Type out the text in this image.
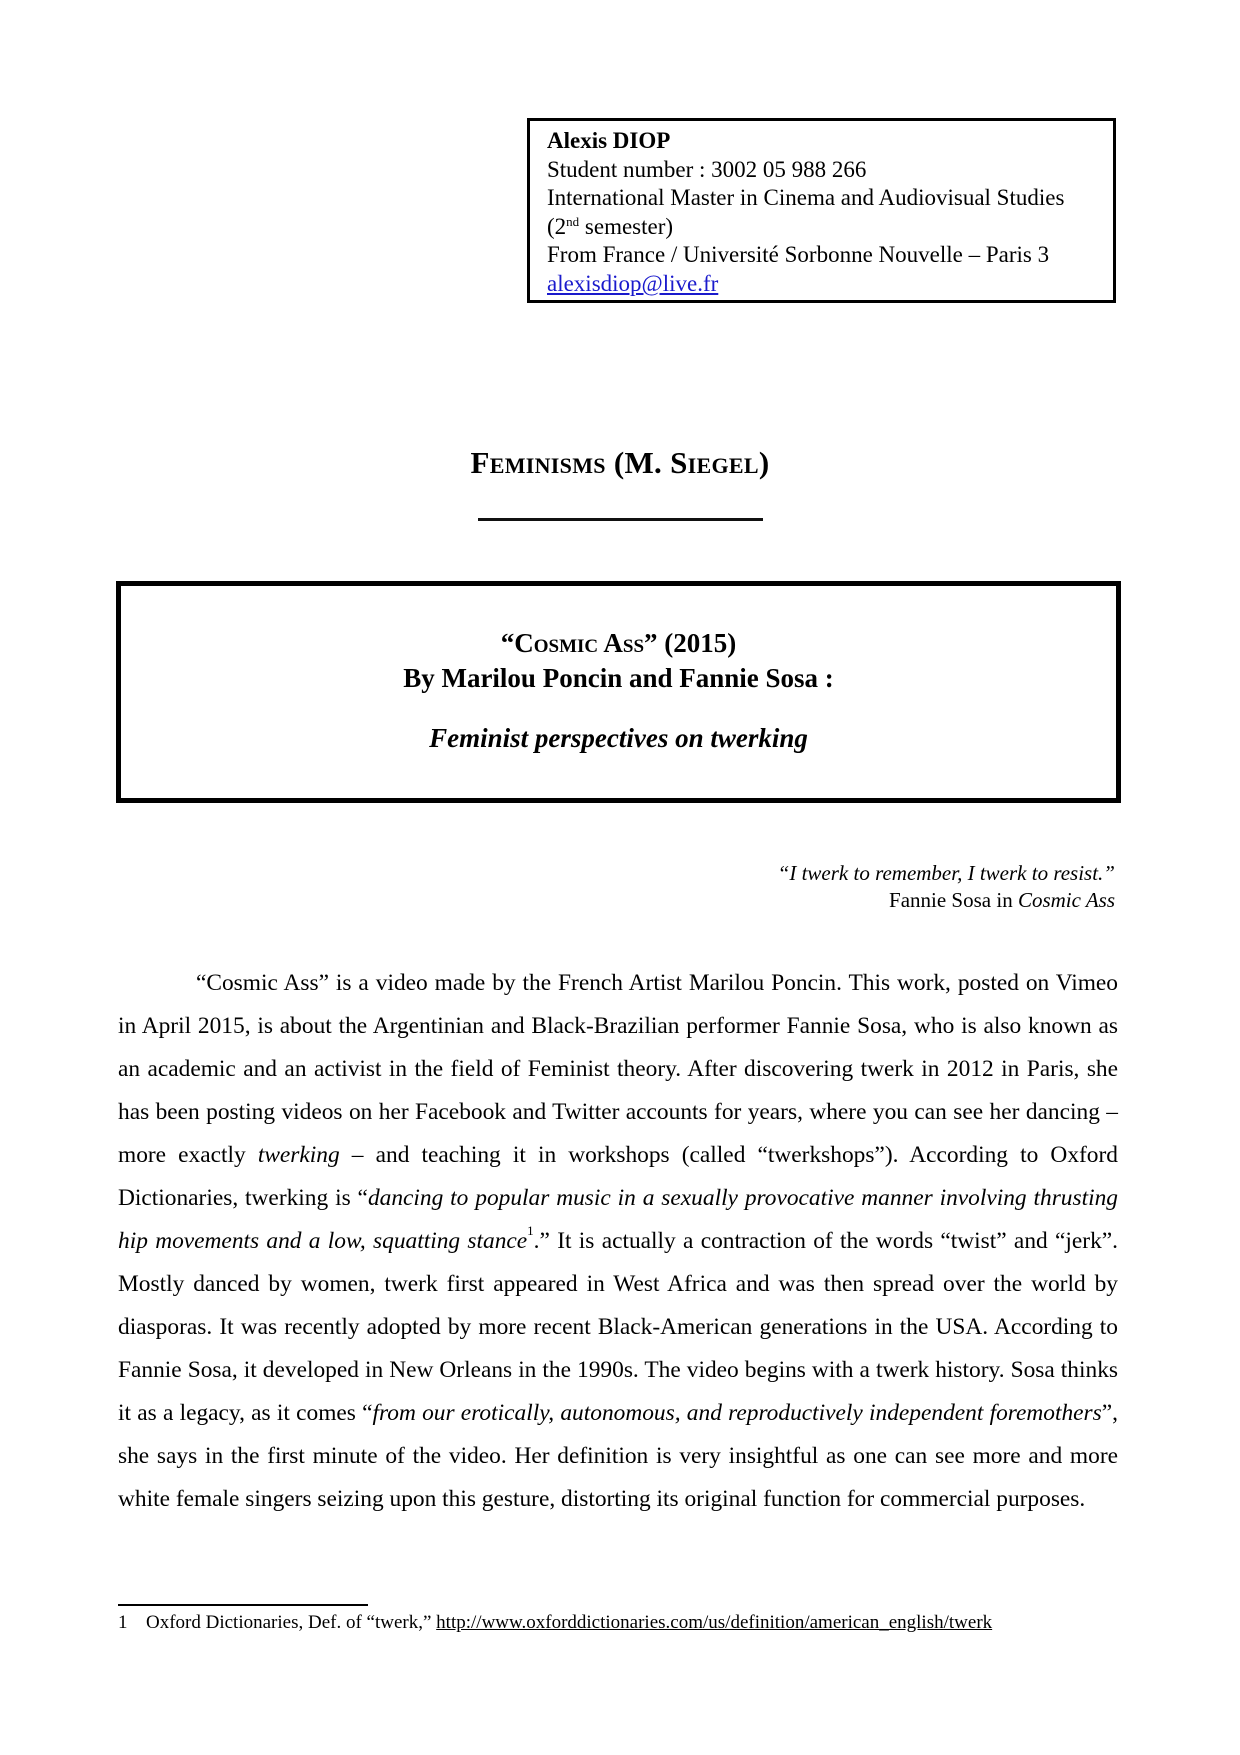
Alexis DIOP
Student number : 3002 05 988 266
International Master in Cinema and Audiovisual Studies
(2nd semester)
From France / Université Sorbonne Nouvelle – Paris 3
alexisdiop@live.fr
Feminisms (M. Siegel)
“Cosmic Ass” (2015)
By Marilou Poncin and Fannie Sosa :
Feminist perspectives on twerking
“I twerk to remember, I twerk to resist.”
Fannie Sosa in Cosmic Ass
“Cosmic Ass” is a video made by the French Artist Marilou Poncin. This work, posted on Vimeo in April 2015, is about the Argentinian and Black-Brazilian performer Fannie Sosa, who is also known as an academic and an activist in the field of Feminist theory. After discovering twerk in 2012 in Paris, she has been posting videos on her Facebook and Twitter accounts for years, where you can see her dancing – more exactly twerking – and teaching it in workshops (called “twerkshops”). According to Oxford Dictionaries, twerking is “dancing to popular music in a sexually provocative manner involving thrusting hip movements and a low, squatting stance$^1$.” It is actually a contraction of the words “twist” and “jerk”. Mostly danced by women, twerk first appeared in West Africa and was then spread over the world by diasporas. It was recently adopted by more recent Black-American generations in the USA. According to Fannie Sosa, it developed in New Orleans in the 1990s. The video begins with a twerk history. Sosa thinks it as a legacy, as it comes “from our erotically, autonomous, and reproductively independent foremothers”, she says in the first minute of the video. Her definition is very insightful as one can see more and more white female singers seizing upon this gesture, distorting its original function for commercial purposes.
1 Oxford Dictionaries, Def. of “twerk,” http://www.oxforddictionaries.com/us/definition/american_english/twerk
